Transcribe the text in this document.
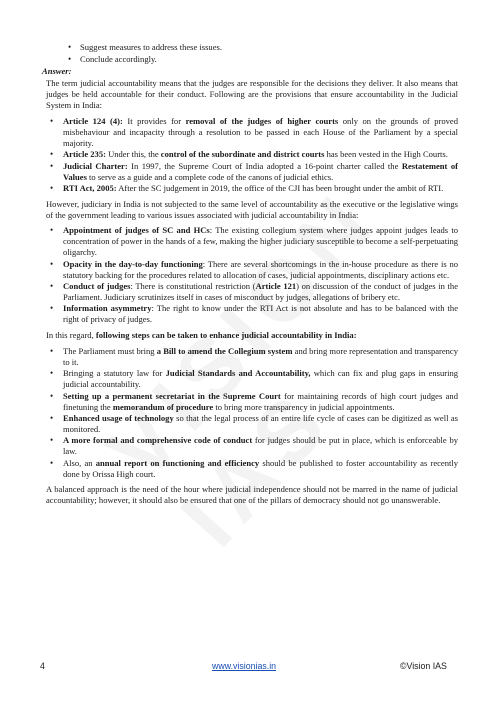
• Suggest measures to address these issues.
• Conclude accordingly.
Answer:

The term judicial accountability means that the judges are responsible for the decisions they deliver. It also means that judges be held accountable for their conduct. Following are the provisions that ensure accountability in the Judicial System in India:

• Article 124 (4): It provides for removal of the judges of higher courts only on the grounds of proved misbehaviour and incapacity through a resolution to be passed in each House of the Parliament by a special majority.
• Article 235: Under this, the control of the subordinate and district courts has been vested in the High Courts.
• Judicial Charter: In 1997, the Supreme Court of India adopted a 16-point charter called the Restatement of Values to serve as a guide and a complete code of the canons of judicial ethics.
• RTI Act, 2005: After the SC judgement in 2019, the office of the CJI has been brought under the ambit of RTI.

However, judiciary in India is not subjected to the same level of accountability as the executive or the legislative wings of the government leading to various issues associated with judicial accountability in India:

• Appointment of judges of SC and HCs: The existing collegium system where judges appoint judges leads to concentration of power in the hands of a few, making the higher judiciary susceptible to become a self-perpetuating oligarchy.
• Opacity in the day-to-day functioning: There are several shortcomings in the in-house procedure as there is no statutory backing for the procedures related to allocation of cases, judicial appointments, disciplinary actions etc.
• Conduct of judges: There is constitutional restriction (Article 121) on discussion of the conduct of judges in the Parliament. Judiciary scrutinizes itself in cases of misconduct by judges, allegations of bribery etc.
• Information asymmetry: The right to know under the RTI Act is not absolute and has to be balanced with the right of privacy of judges.

In this regard, following steps can be taken to enhance judicial accountability in India:

• The Parliament must bring a Bill to amend the Collegium system and bring more representation and transparency to it.
• Bringing a statutory law for Judicial Standards and Accountability, which can fix and plug gaps in ensuring judicial accountability.
• Setting up a permanent secretariat in the Supreme Court for maintaining records of high court judges and finetuning the memorandum of procedure to bring more transparency in judicial appointments.
• Enhanced usage of technology so that the legal process of an entire life cycle of cases can be digitized as well as monitored.
• A more formal and comprehensive code of conduct for judges should be put in place, which is enforceable by law.
• Also, an annual report on functioning and efficiency should be published to foster accountability as recently done by Orissa High court.

A balanced approach is the need of the hour where judicial independence should not be marred in the name of judicial accountability; however, it should also be ensured that one of the pillars of democracy should not go unanswerable.

4	www.visionias.in	©Vision IAS
